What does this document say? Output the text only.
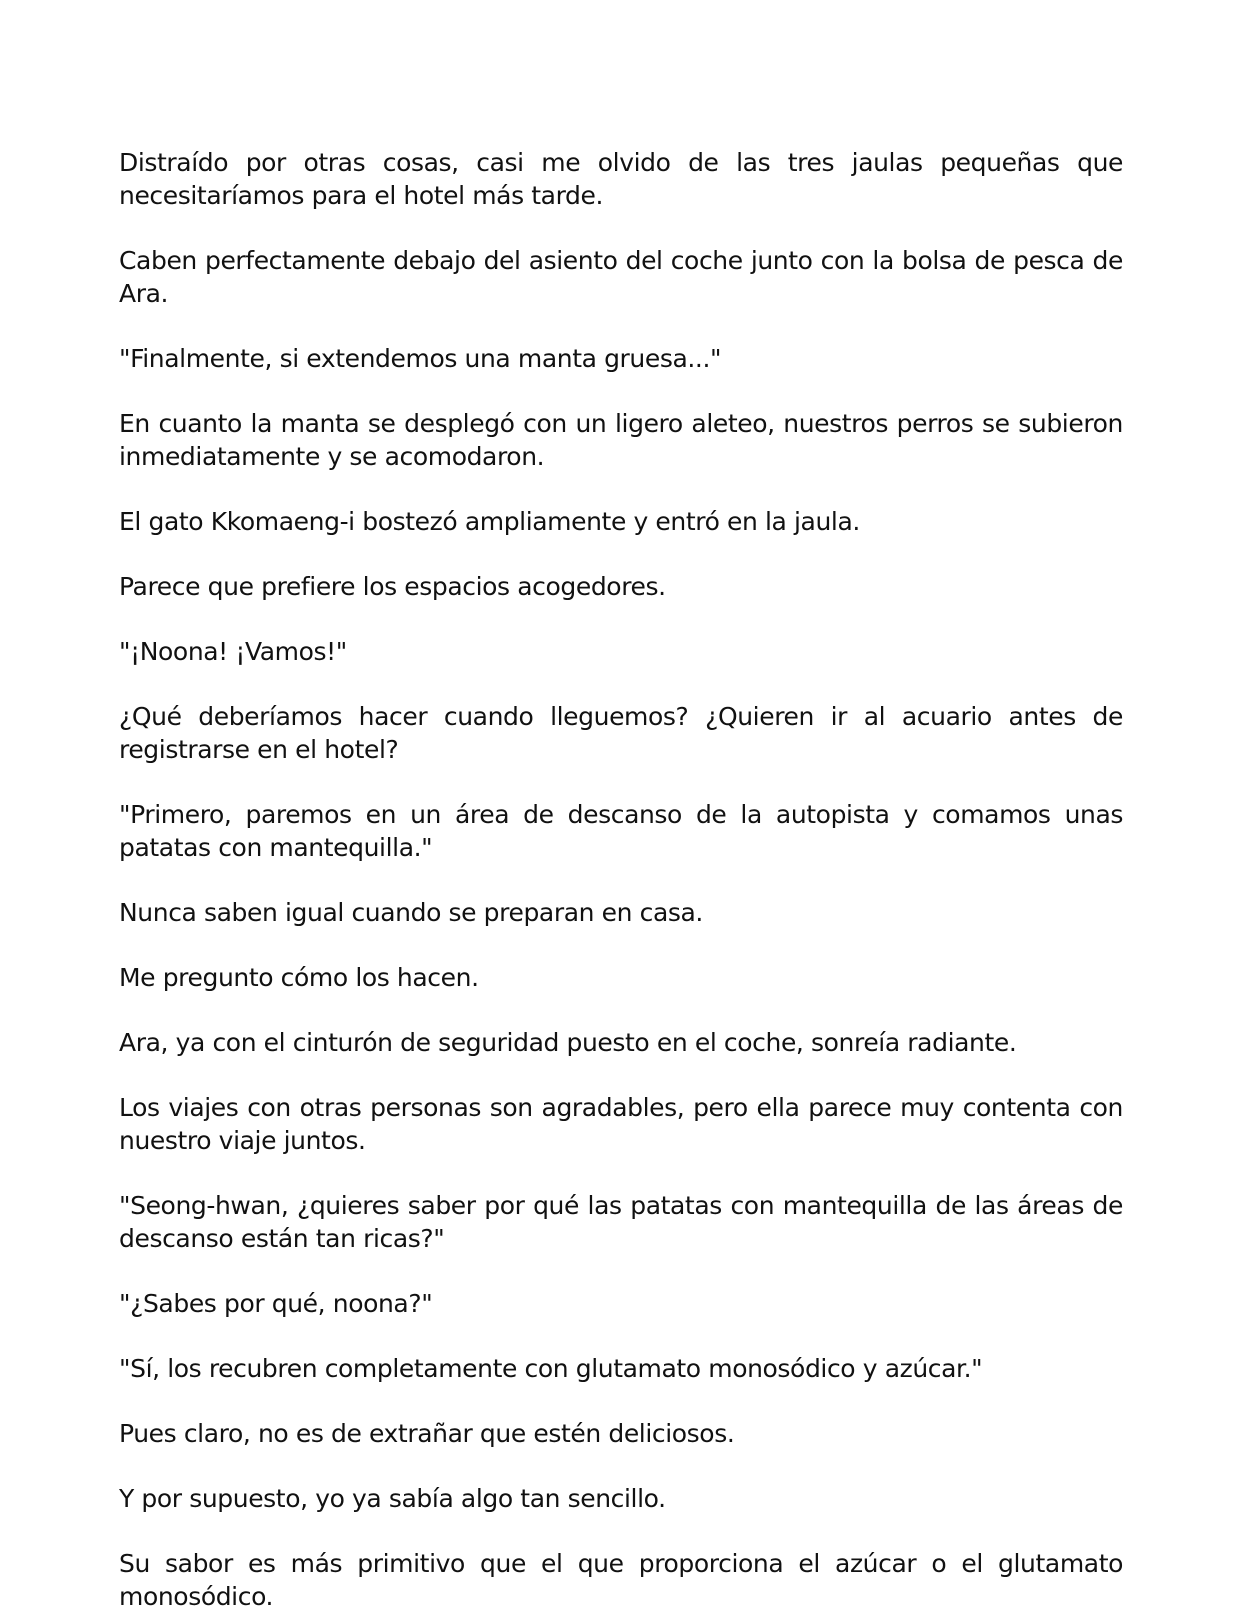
Distraído por otras cosas, casi me olvido de las tres jaulas pequeñas que necesitaríamos para el hotel más tarde.

Caben perfectamente debajo del asiento del coche junto con la bolsa de pesca de Ara.

"Finalmente, si extendemos una manta gruesa..."

En cuanto la manta se desplegó con un ligero aleteo, nuestros perros se subieron inmediatamente y se acomodaron.

El gato Kkomaeng-i bostezó ampliamente y entró en la jaula.

Parece que prefiere los espacios acogedores.

"¡Noona! ¡Vamos!"

¿Qué deberíamos hacer cuando lleguemos? ¿Quieren ir al acuario antes de registrarse en el hotel?

"Primero, paremos en un área de descanso de la autopista y comamos unas patatas con mantequilla."

Nunca saben igual cuando se preparan en casa.

Me pregunto cómo los hacen.

Ara, ya con el cinturón de seguridad puesto en el coche, sonreía radiante.

Los viajes con otras personas son agradables, pero ella parece muy contenta con nuestro viaje juntos.

"Seong-hwan, ¿quieres saber por qué las patatas con mantequilla de las áreas de descanso están tan ricas?"

"¿Sabes por qué, noona?"

"Sí, los recubren completamente con glutamato monosódico y azúcar."

Pues claro, no es de extrañar que estén deliciosos.

Y por supuesto, yo ya sabía algo tan sencillo.

Su sabor es más primitivo que el que proporciona el azúcar o el glutamato monosódico.
